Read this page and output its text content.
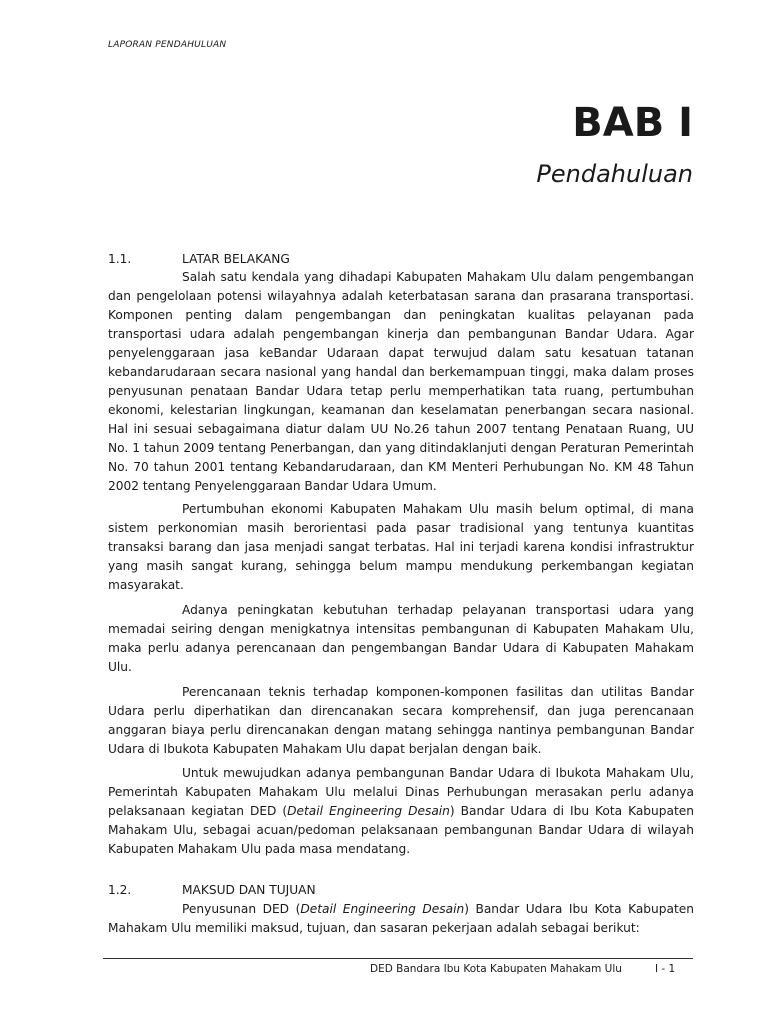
LAPORAN PENDAHULUAN
BAB I
Pendahuluan
1.1.	LATAR BELAKANG

Salah satu kendala yang dihadapi Kabupaten Mahakam Ulu dalam pengembangan dan pengelolaan potensi wilayahnya adalah keterbatasan sarana dan prasarana transportasi. Komponen penting dalam pengembangan dan peningkatan kualitas pelayanan pada transportasi udara adalah pengembangan kinerja dan pembangunan Bandar Udara. Agar penyelenggaraan jasa keBandar Udaraan dapat terwujud dalam satu kesatuan tatanan kebandarudaraan secara nasional yang handal dan berkemampuan tinggi, maka dalam proses penyusunan penataan Bandar Udara tetap perlu memperhatikan tata ruang, pertumbuhan ekonomi, kelestarian lingkungan, keamanan dan keselamatan penerbangan secara nasional. Hal ini sesuai sebagaimana diatur dalam UU No.26 tahun 2007 tentang Penataan Ruang, UU No. 1 tahun 2009 tentang Penerbangan, dan yang ditindaklanjuti dengan Peraturan Pemerintah No. 70 tahun 2001 tentang Kebandarudaraan, dan KM Menteri Perhubungan No. KM 48 Tahun 2002 tentang Penyelenggaraan Bandar Udara Umum.

Pertumbuhan ekonomi Kabupaten Mahakam Ulu masih belum optimal, di mana sistem perkonomian masih berorientasi pada pasar tradisional yang tentunya kuantitas transaksi barang dan jasa menjadi sangat terbatas. Hal ini terjadi karena kondisi infrastruktur yang masih sangat kurang, sehingga belum mampu mendukung perkembangan kegiatan masyarakat.

Adanya peningkatan kebutuhan terhadap pelayanan transportasi udara yang memadai seiring dengan menigkatnya intensitas pembangunan di Kabupaten Mahakam Ulu, maka perlu adanya perencanaan dan pengembangan Bandar Udara di Kabupaten Mahakam Ulu.

Perencanaan teknis terhadap komponen-komponen fasilitas dan utilitas Bandar Udara perlu diperhatikan dan direncanakan secara komprehensif, dan juga perencanaan anggaran biaya perlu direncanakan dengan matang sehingga nantinya pembangunan Bandar Udara di Ibukota Kabupaten Mahakam Ulu dapat berjalan dengan baik.

Untuk mewujudkan adanya pembangunan Bandar Udara di Ibukota Mahakam Ulu, Pemerintah Kabupaten Mahakam Ulu melalui Dinas Perhubungan merasakan perlu adanya pelaksanaan kegiatan DED (Detail Engineering Desain) Bandar Udara di Ibu Kota Kabupaten Mahakam Ulu, sebagai acuan/pedoman pelaksanaan pembangunan Bandar Udara di wilayah Kabupaten Mahakam Ulu pada masa mendatang.

1.2.	MAKSUD DAN TUJUAN

Penyusunan DED (Detail Engineering Desain) Bandar Udara Ibu Kota Kabupaten Mahakam Ulu memiliki maksud, tujuan, dan sasaran pekerjaan adalah sebagai berikut:

DED Bandara Ibu Kota Kabupaten Mahakam Ulu	I - 1
